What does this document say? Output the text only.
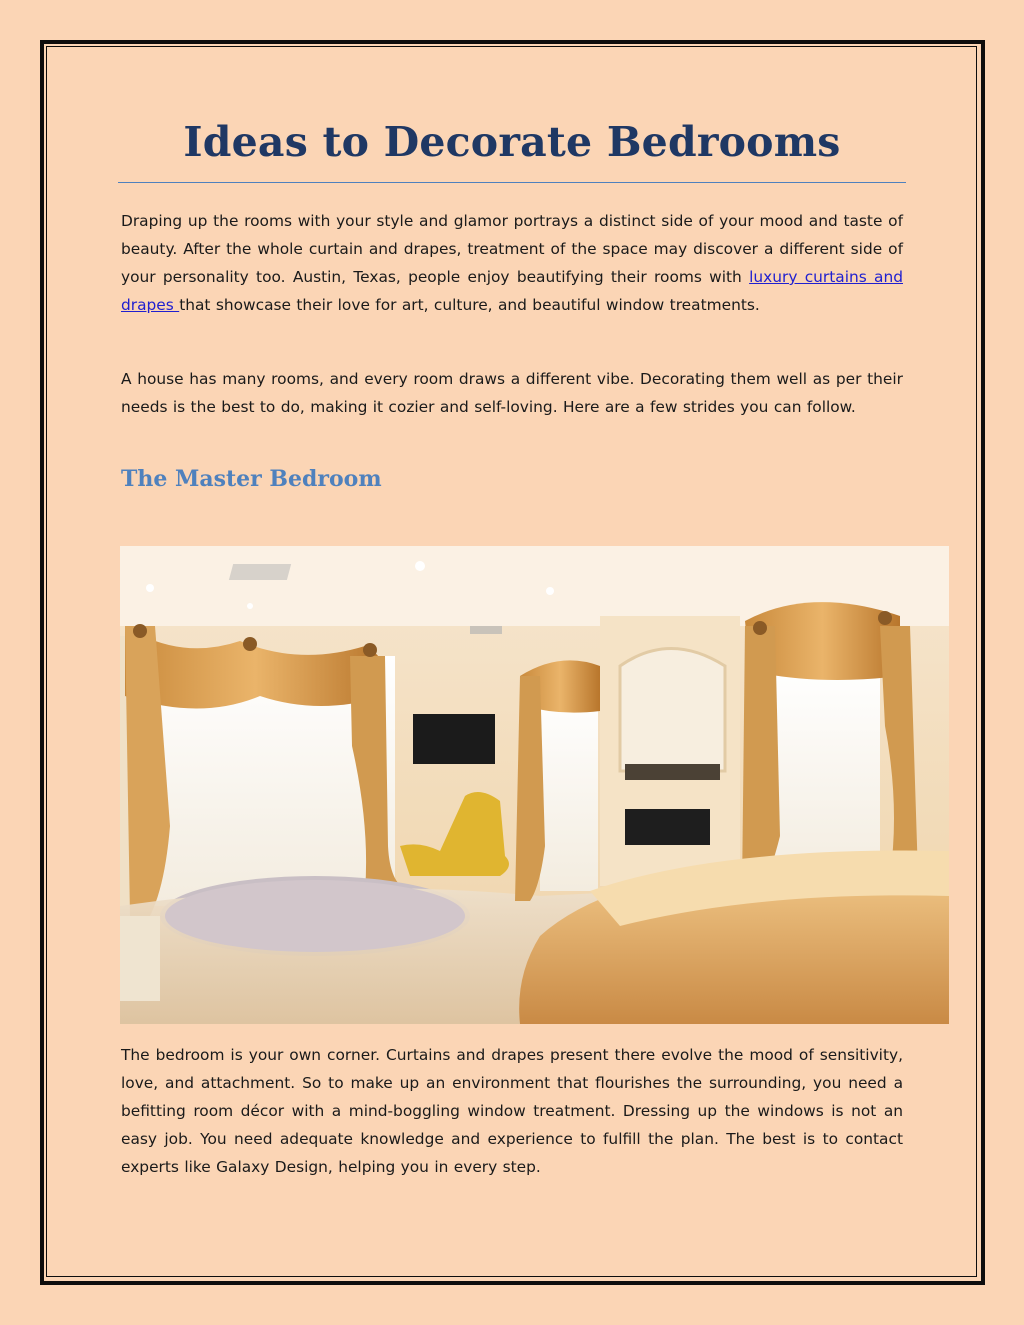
Ideas to Decorate Bedrooms

Draping up the rooms with your style and glamor portrays a distinct side of your mood and taste of beauty. After the whole curtain and drapes, treatment of the space may discover a different side of your personality too. Austin, Texas, people enjoy beautifying their rooms with luxury curtains and drapes that showcase their love for art, culture, and beautiful window treatments.

A house has many rooms, and every room draws a different vibe. Decorating them well as per their needs is the best to do, making it cozier and self-loving. Here are a few strides you can follow.

The Master Bedroom

The bedroom is your own corner. Curtains and drapes present there evolve the mood of sensitivity, love, and attachment. So to make up an environment that flourishes the surrounding, you need a befitting room décor with a mind-boggling window treatment. Dressing up the windows is not an easy job. You need adequate knowledge and experience to fulfill the plan. The best is to contact experts like Galaxy Design, helping you in every step.
